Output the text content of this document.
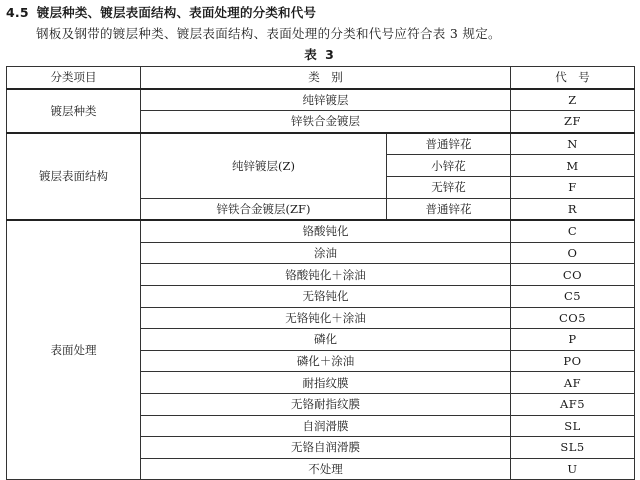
4.5 镀层种类、镀层表面结构、表面处理的分类和代号
钢板及钢带的镀层种类、镀层表面结构、表面处理的分类和代号应符合表 3 规定。
表 3
分类项目	类　别		代　号
镀层种类	纯锌镀层		Z
	锌铁合金镀层		ZF
镀层表面结构	纯锌镀层(Z)	普通锌花	N
		小锌花	M
		无锌花	F
	锌铁合金镀层(ZF)	普通锌花	R
表面处理	铬酸钝化		C
	涂油		O
	铬酸钝化＋涂油		CO
	无铬钝化		C5
	无铬钝化＋涂油		CO5
	磷化		P
	磷化＋涂油		PO
	耐指纹膜		AF
	无铬耐指纹膜		AF5
	自润滑膜		SL
	无铬自润滑膜		SL5
	不处理		U
